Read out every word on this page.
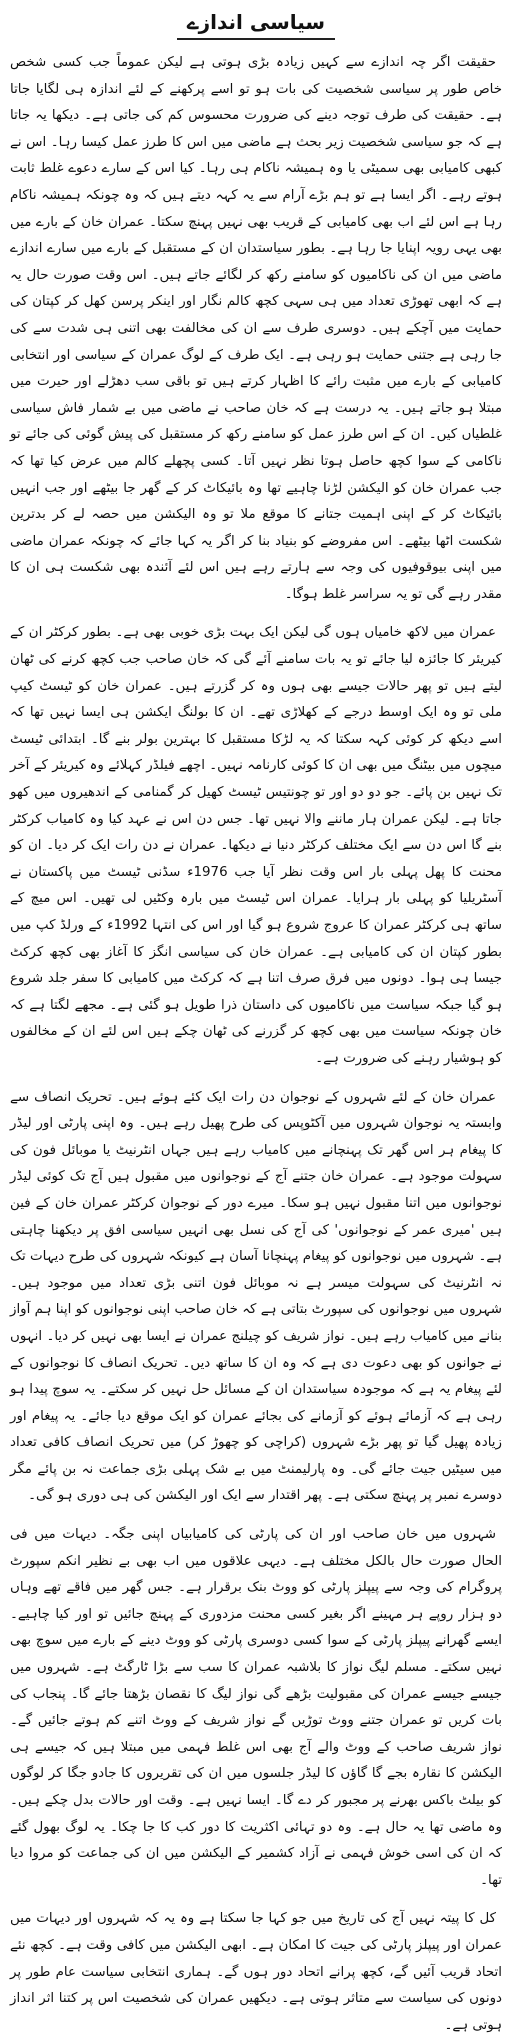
سیاسی اندازے

حقیقت اگر چہ اندازے سے کہیں زیادہ بڑی ہوتی ہے لیکن عموماً جب کسی شخص خاص طور پر سیاسی شخصیت کی بات ہو تو اسے پرکھنے کے لئے اندازہ ہی لگایا جاتا ہے۔ حقیقت کی طرف توجہ دینے کی ضرورت محسوس کم کی جاتی ہے۔ دیکھا یہ جاتا ہے کہ جو سیاسی شخصیت زیر بحث ہے ماضی میں اس کا طرز عمل کیسا رہا۔ اس نے کبھی کامیابی بھی سمیٹی یا وہ ہمیشہ ناکام ہی رہا۔ کیا اس کے سارے دعوے غلط ثابت ہوتے رہے۔ اگر ایسا ہے تو ہم بڑے آرام سے یہ کہہ دیتے ہیں کہ وہ چونکہ ہمیشہ ناکام رہا ہے اس لئے اب بھی کامیابی کے قریب بھی نہیں پہنچ سکتا۔ عمران خان کے بارے میں بھی یہی رویہ اپنایا جا رہا ہے۔ بطور سیاستدان ان کے مستقبل کے بارے میں سارے اندازے ماضی میں ان کی ناکامیوں کو سامنے رکھ کر لگائے جاتے ہیں۔ اس وقت صورت حال یہ ہے کہ ابھی تھوڑی تعداد میں ہی سہی کچھ کالم نگار اور اینکر پرسن کھل کر کپتان کی حمایت میں آچکے ہیں۔ دوسری طرف سے ان کی مخالفت بھی اتنی ہی شدت سے کی جا رہی ہے جتنی حمایت ہو رہی ہے۔ ایک طرف کے لوگ عمران کے سیاسی اور انتخابی کامیابی کے بارے میں مثبت رائے کا اظہار کرتے ہیں تو باقی سب دھڑلے اور حیرت میں مبتلا ہو جاتے ہیں۔ یہ درست ہے کہ خان صاحب نے ماضی میں بے شمار فاش سیاسی غلطیاں کیں۔ ان کے اس طرز عمل کو سامنے رکھ کر مستقبل کی پیش گوئی کی جائے تو ناکامی کے سوا کچھ حاصل ہوتا نظر نہیں آتا۔ کسی پچھلے کالم میں عرض کیا تھا کہ جب عمران خان کو الیکشن لڑنا چاہیے تھا وہ بائیکاٹ کر کے گھر جا بیٹھے اور جب انہیں بائیکاٹ کر کے اپنی اہمیت جتانے کا موقع ملا تو وہ الیکشن میں حصہ لے کر بدترین شکست اٹھا بیٹھے۔ اس مفروضے کو بنیاد بنا کر اگر یہ کہا جائے کہ چونکہ عمران ماضی میں اپنی بیوقوفیوں کی وجہ سے ہارتے رہے ہیں اس لئے آئندہ بھی شکست ہی ان کا مقدر رہے گی تو یہ سراسر غلط ہوگا۔

عمران میں لاکھ خامیاں ہوں گی لیکن ایک بہت بڑی خوبی بھی ہے۔ بطور کرکٹر ان کے کیریئر کا جائزہ لیا جائے تو یہ بات سامنے آئے گی کہ خان صاحب جب کچھ کرنے کی ٹھان لیتے ہیں تو پھر حالات جیسے بھی ہوں وہ کر گزرتے ہیں۔ عمران خان کو ٹیسٹ کیپ ملی تو وہ ایک اوسط درجے کے کھلاڑی تھے۔ ان کا بولنگ ایکشن ہی ایسا نہیں تھا کہ اسے دیکھ کر کوئی کہہ سکتا کہ یہ لڑکا مستقبل کا بہترین بولر بنے گا۔ ابتدائی ٹیسٹ میچوں میں بیٹنگ میں بھی ان کا کوئی کارنامہ نہیں۔ اچھے فیلڈر کہلائے وہ کیریئر کے آخر تک نہیں بن پائے۔ جو دو دو اور تو چونتیس ٹیسٹ کھیل کر گمنامی کے اندھیروں میں کھو جاتا ہے۔ لیکن عمران ہار ماننے والا نہیں تھا۔ جس دن اس نے عہد کیا وہ کامیاب کرکٹر بنے گا اس دن سے ایک مختلف کرکٹر دنیا نے دیکھا۔ عمران نے دن رات ایک کر دیا۔ ان کو محنت کا پھل پہلی بار اس وقت نظر آیا جب 1976ء سڈنی ٹیسٹ میں پاکستان نے آسٹریلیا کو پہلی بار ہرایا۔ عمران اس ٹیسٹ میں بارہ وکٹیں لی تھیں۔ اس میچ کے ساتھ ہی کرکٹر عمران کا عروج شروع ہو گیا اور اس کی انتہا 1992ء کے ورلڈ کپ میں بطور کپتان ان کی کامیابی ہے۔ عمران خان کی سیاسی انگز کا آغاز بھی کچھ کرکٹ جیسا ہی ہوا۔ دونوں میں فرق صرف اتنا ہے کہ کرکٹ میں کامیابی کا سفر جلد شروع ہو گیا جبکہ سیاست میں ناکامیوں کی داستان ذرا طویل ہو گئی ہے۔ مجھے لگتا ہے کہ خان چونکہ سیاست میں بھی کچھ کر گزرنے کی ٹھان چکے ہیں اس لئے ان کے مخالفوں کو ہوشیار رہنے کی ضرورت ہے۔

عمران خان کے لئے شہروں کے نوجوان دن رات ایک کئے ہوئے ہیں۔ تحریک انصاف سے وابستہ یہ نوجوان شہروں میں آکٹوپس کی طرح پھیل رہے ہیں۔ وہ اپنی پارٹی اور لیڈر کا پیغام ہر اس گھر تک پہنچانے میں کامیاب رہے ہیں جہاں انٹرنیٹ یا موبائل فون کی سہولت موجود ہے۔ عمران خان جتنے آج کے نوجوانوں میں مقبول ہیں آج تک کوئی لیڈر نوجوانوں میں اتنا مقبول نہیں ہو سکا۔ میرے دور کے نوجوان کرکٹر عمران خان کے فین ہیں 'میری عمر کے نوجوانوں' کی آج کی نسل بھی انہیں سیاسی افق پر دیکھنا چاہتی ہے۔ شہروں میں نوجوانوں کو پیغام پہنچانا آسان ہے کیونکہ شہروں کی طرح دیہات تک نہ انٹرنیٹ کی سہولت میسر ہے نہ موبائل فون اتنی بڑی تعداد میں موجود ہیں۔ شہروں میں نوجوانوں کی سپورٹ بتاتی ہے کہ خان صاحب اپنی نوجوانوں کو اپنا ہم آواز بنانے میں کامیاب رہے ہیں۔ نواز شریف کو چیلنج عمران نے ایسا بھی نہیں کر دیا۔ انہوں نے جوانوں کو بھی دعوت دی ہے کہ وہ ان کا ساتھ دیں۔ تحریک انصاف کا نوجوانوں کے لئے پیغام یہ ہے کہ موجودہ سیاستدان ان کے مسائل حل نہیں کر سکتے۔ یہ سوچ پیدا ہو رہی ہے کہ آزمائے ہوئے کو آزمانے کی بجائے عمران کو ایک موقع دیا جائے۔ یہ پیغام اور زیادہ پھیل گیا تو پھر بڑے شہروں (کراچی کو چھوڑ کر) میں تحریک انصاف کافی تعداد میں سیٹیں جیت جائے گی۔ وہ پارلیمنٹ میں بے شک پہلی بڑی جماعت نہ بن پائے مگر دوسرے نمبر پر پہنچ سکتی ہے۔ پھر اقتدار سے ایک اور الیکشن کی ہی دوری ہو گی۔

شہروں میں خان صاحب اور ان کی پارٹی کی کامیابیاں اپنی جگہ۔ دیہات میں فی الحال صورت حال بالکل مختلف ہے۔ دیہی علاقوں میں اب بھی بے نظیر انکم سپورٹ پروگرام کی وجہ سے پیپلز پارٹی کو ووٹ بنک برقرار ہے۔ جس گھر میں فاقے تھے وہاں دو ہزار روپے ہر مہینے اگر بغیر کسی محنت مزدوری کے پہنچ جائیں تو اور کیا چاہیے۔ ایسے گھرانے پیپلز پارٹی کے سوا کسی دوسری پارٹی کو ووٹ دینے کے بارے میں سوچ بھی نہیں سکتے۔ مسلم لیگ نواز کا بلاشبہ عمران کا سب سے بڑا ٹارگٹ ہے۔ شہروں میں جیسے جیسے عمران کی مقبولیت بڑھے گی نواز لیگ کا نقصان بڑھتا جائے گا۔ پنجاب کی بات کریں تو عمران جتنے ووٹ توڑیں گے نواز شریف کے ووٹ اتنے کم ہوتے جائیں گے۔ نواز شریف صاحب کے ووٹ والے آج بھی اس غلط فہمی میں مبتلا ہیں کہ جیسے ہی الیکشن کا نقارہ بجے گا گاؤں کا لیڈر جلسوں میں ان کی تقریروں کا جادو جگا کر لوگوں کو بیلٹ باکس بھرنے پر مجبور کر دے گا۔ ایسا نہیں ہے۔ وقت اور حالات بدل چکے ہیں۔ وہ ماضی تھا یہ حال ہے۔ وہ دو تہائی اکثریت کا دور کب کا جا چکا۔ یہ لوگ بھول گئے کہ ان کی اسی خوش فہمی نے آزاد کشمیر کے الیکشن میں ان کی جماعت کو مروا دیا تھا۔

کل کا پیتہ نہیں آج کی تاریخ میں جو کہا جا سکتا ہے وہ یہ کہ شہروں اور دیہات میں عمران اور پیپلز پارٹی کی جیت کا امکان ہے۔ ابھی الیکشن میں کافی وقت ہے۔ کچھ نئے اتحاد قریب آئیں گے، کچھ پرانے اتحاد دور ہوں گے۔ ہماری انتخابی سیاست عام طور پر دونوں کی سیاست سے متاثر ہوتی ہے۔ دیکھیں عمران کی شخصیت اس پر کتنا اثر انداز ہوتی ہے۔
